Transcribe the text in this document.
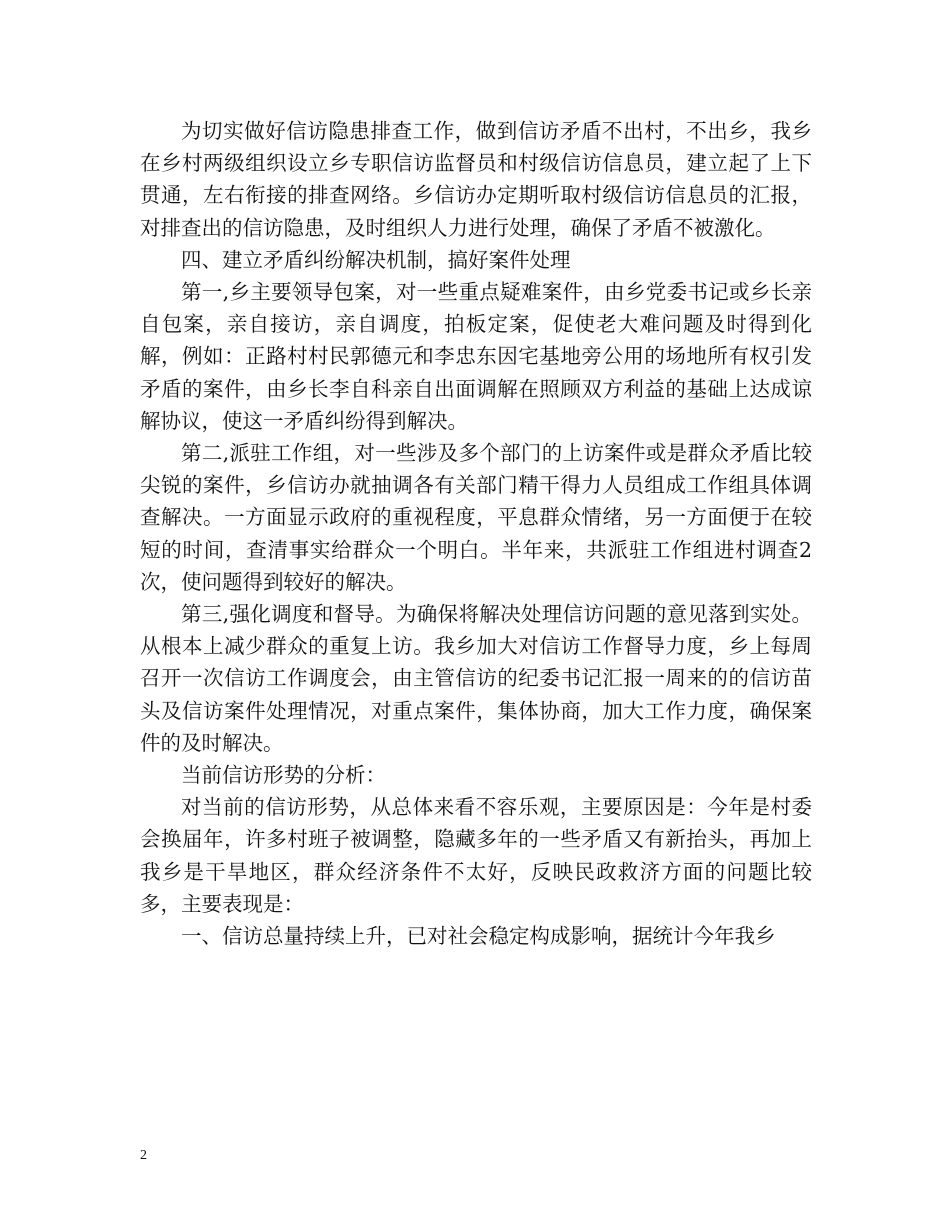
为切实做好信访隐患排查工作，做到信访矛盾不出村，不出乡，我乡在乡村两级组织设立乡专职信访监督员和村级信访信息员，建立起了上下贯通，左右衔接的排查网络。乡信访办定期听取村级信访信息员的汇报，对排查出的信访隐患，及时组织人力进行处理，确保了矛盾不被激化。

四、建立矛盾纠纷解决机制，搞好案件处理

第一,乡主要领导包案，对一些重点疑难案件，由乡党委书记或乡长亲自包案，亲自接访，亲自调度，拍板定案，促使老大难问题及时得到化解，例如：正路村村民郭德元和李忠东因宅基地旁公用的场地所有权引发矛盾的案件，由乡长李自科亲自出面调解在照顾双方利益的基础上达成谅解协议，使这一矛盾纠纷得到解决。

第二,派驻工作组，对一些涉及多个部门的上访案件或是群众矛盾比较尖锐的案件，乡信访办就抽调各有关部门精干得力人员组成工作组具体调查解决。一方面显示政府的重视程度，平息群众情绪，另一方面便于在较短的时间，查清事实给群众一个明白。半年来，共派驻工作组进村调查2次，使问题得到较好的解决。

第三,强化调度和督导。为确保将解决处理信访问题的意见落到实处。从根本上减少群众的重复上访。我乡加大对信访工作督导力度，乡上每周召开一次信访工作调度会，由主管信访的纪委书记汇报一周来的的信访苗头及信访案件处理情况，对重点案件，集体协商，加大工作力度，确保案件的及时解决。

当前信访形势的分析：

对当前的信访形势，从总体来看不容乐观，主要原因是：今年是村委会换届年，许多村班子被调整，隐藏多年的一些矛盾又有新抬头，再加上我乡是干旱地区，群众经济条件不太好，反映民政救济方面的问题比较多，主要表现是：

一、信访总量持续上升，已对社会稳定构成影响，据统计今年我乡

2
